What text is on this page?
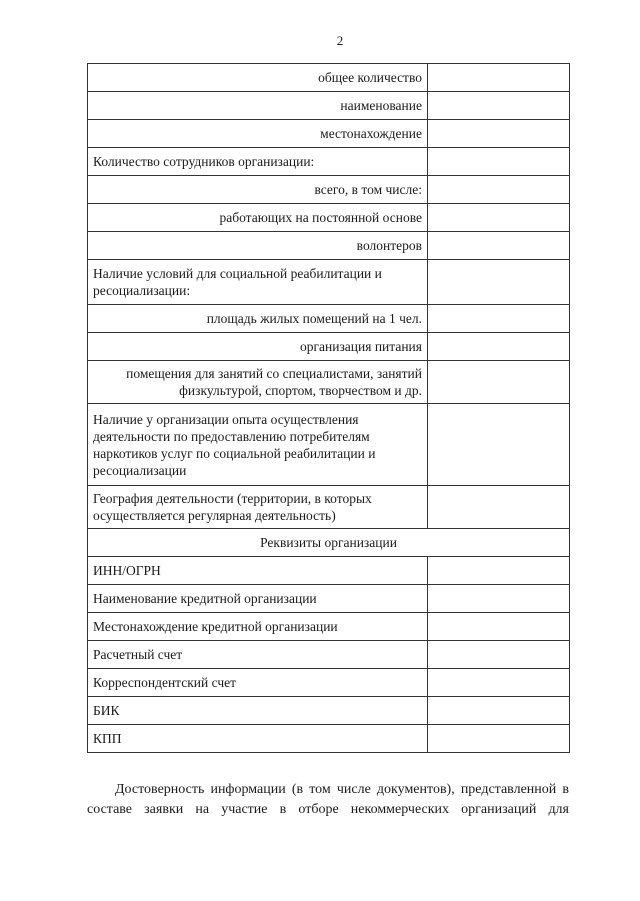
2
общее количество	
наименование	
местонахождение	
Количество сотрудников организации:	
всего, в том числе:	
работающих на постоянной основе	
волонтеров	
Наличие условий для социальной реабилитации и ресоциализации:	
площадь жилых помещений на 1 чел.	
организация питания	
помещения для занятий со специалистами, занятий физкультурой, спортом, творчеством и др.	
Наличие у организации опыта осуществления деятельности по предоставлению потребителям наркотиков услуг по социальной реабилитации и ресоциализации	
География деятельности (территории, в которых осуществляется регулярная деятельность)	
Реквизиты организации	
ИНН/ОГРН	
Наименование кредитной организации	
Местонахождение кредитной организации	
Расчетный счет	
Корреспондентский счет	
БИК	
КПП	
Достоверность информации (в том числе документов), представленной в
составе заявки на участие в отборе некоммерческих организаций для
